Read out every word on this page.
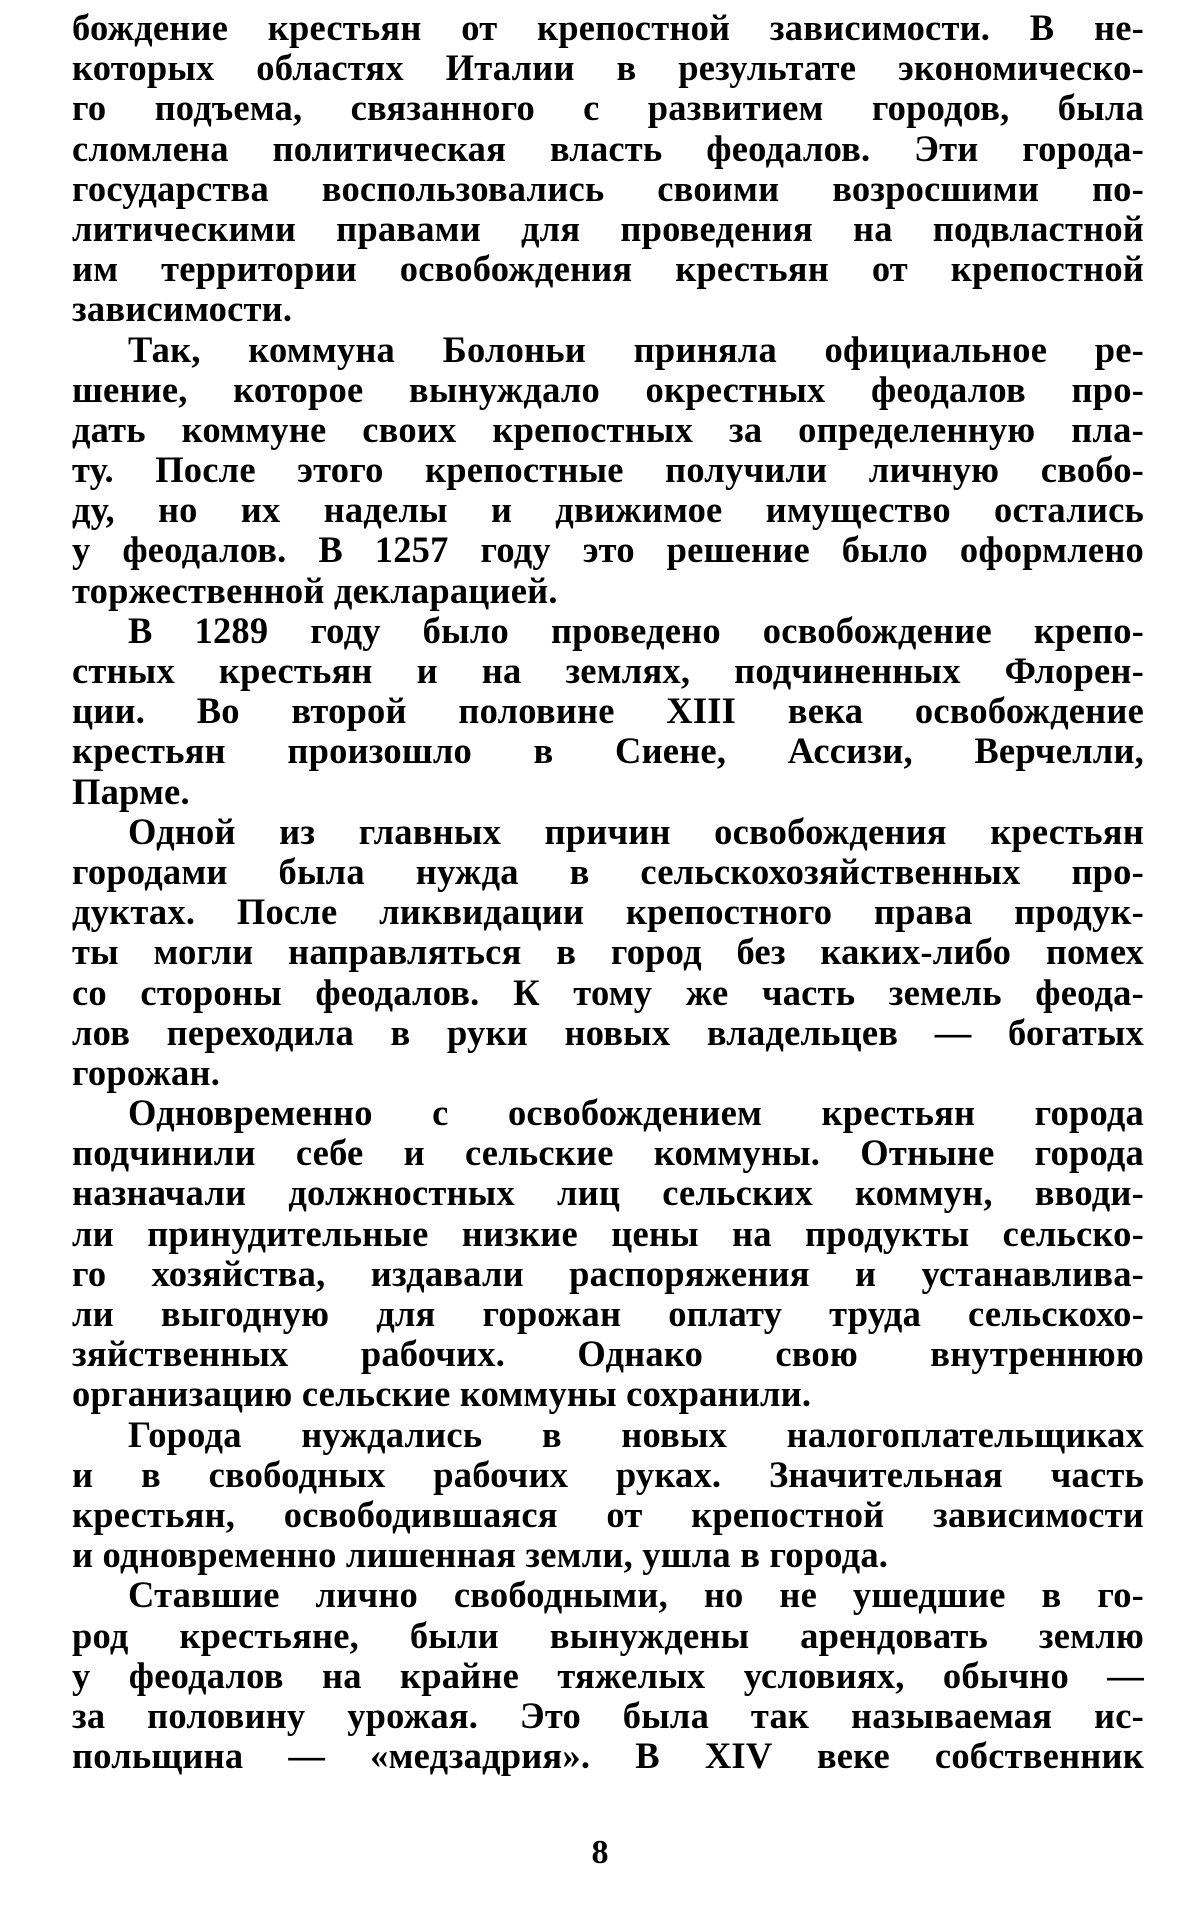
бождение крестьян от крепостной зависимости. В не-
которых областях Италии в результате экономическо-
го подъема, связанного с развитием городов, была
сломлена политическая власть феодалов. Эти города-
государства воспользовались своими возросшими по-
литическими правами для проведения на подвластной
им территории освобождения крестьян от крепостной
зависимости.
Так, коммуна Болоньи приняла официальное ре-
шение, которое вынуждало окрестных феодалов про-
дать коммуне своих крепостных за определенную пла-
ту. После этого крепостные получили личную свобо-
ду, но их наделы и движимое имущество остались
у феодалов. В 1257 году это решение было оформлено
торжественной декларацией.
В 1289 году было проведено освобождение крепо-
стных крестьян и на землях, подчиненных Флорен-
ции. Во второй половине XIII века освобождение
крестьян произошло в Сиене, Ассизи, Верчелли,
Парме.
Одной из главных причин освобождения крестьян
городами была нужда в сельскохозяйственных про-
дуктах. После ликвидации крепостного права продук-
ты могли направляться в город без каких-либо помех
со стороны феодалов. К тому же часть земель феода-
лов переходила в руки новых владельцев — богатых
горожан.
Одновременно с освобождением крестьян города
подчинили себе и сельские коммуны. Отныне города
назначали должностных лиц сельских коммун, вводи-
ли принудительные низкие цены на продукты сельско-
го хозяйства, издавали распоряжения и устанавлива-
ли выгодную для горожан оплату труда сельскохо-
зяйственных рабочих. Однако свою внутреннюю
организацию сельские коммуны сохранили.
Города нуждались в новых налогоплательщиках
и в свободных рабочих руках. Значительная часть
крестьян, освободившаяся от крепостной зависимости
и одновременно лишенная земли, ушла в города.
Ставшие лично свободными, но не ушедшие в го-
род крестьяне, были вынуждены арендовать землю
у феодалов на крайне тяжелых условиях, обычно —
за половину урожая. Это была так называемая ис-
польщина — «медзадрия». В XIV веке собственник
8
